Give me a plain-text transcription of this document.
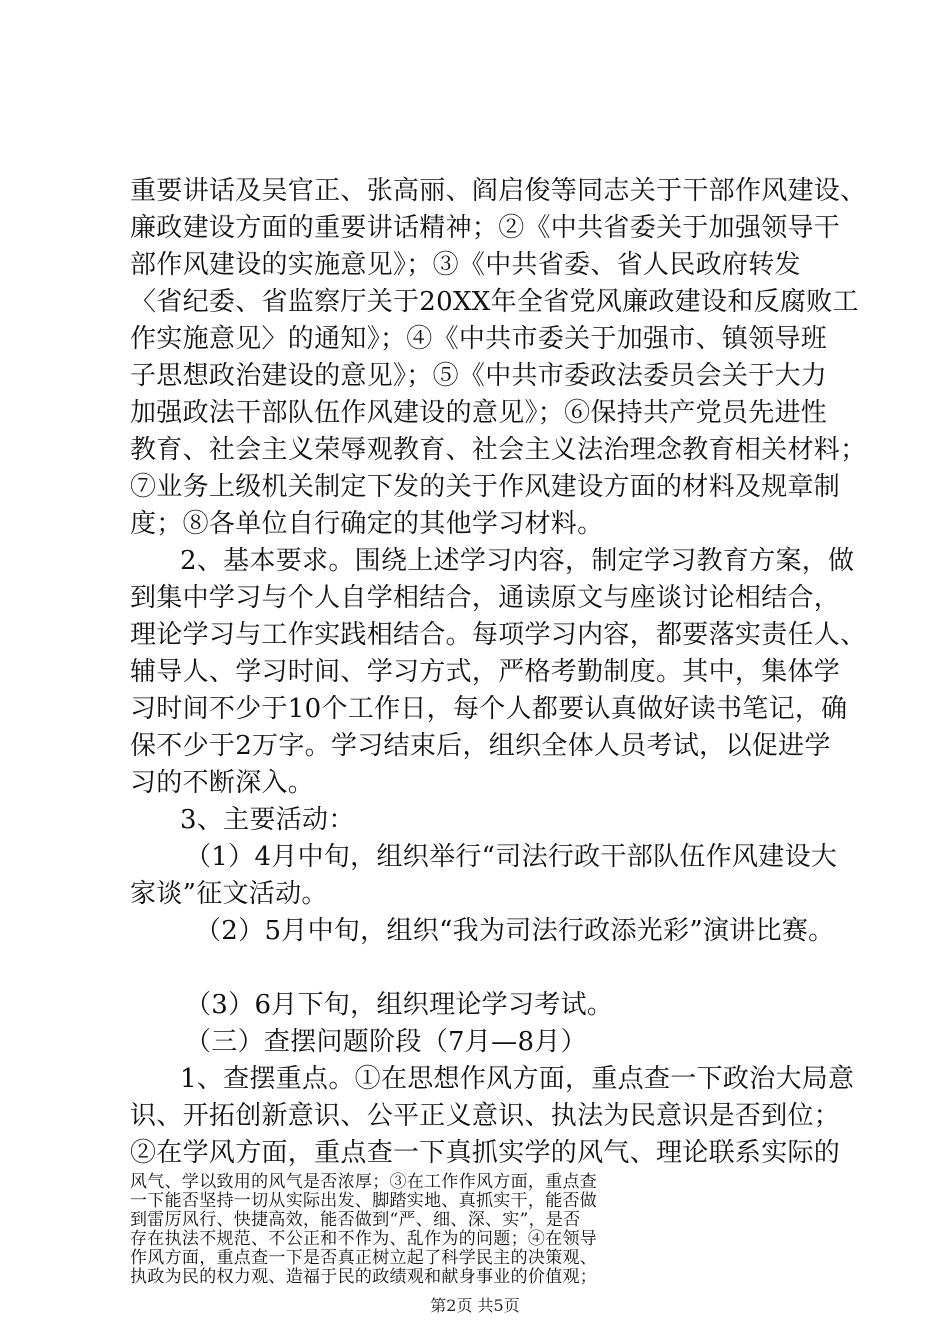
重要讲话及吴官正、张高丽、阎启俊等同志关于干部作风建设、
廉政建设方面的重要讲话精神；②《中共省委关于加强领导干
部作风建设的实施意见》；③《中共省委、省人民政府转发
〈省纪委、省监察厅关于20XX年全省党风廉政建设和反腐败工
作实施意见〉的通知》；④《中共市委关于加强市、镇领导班
子思想政治建设的意见》；⑤《中共市委政法委员会关于大力
加强政法干部队伍作风建设的意见》；⑥保持共产党员先进性
教育、社会主义荣辱观教育、社会主义法治理念教育相关材料；
⑦业务上级机关制定下发的关于作风建设方面的材料及规章制
度；⑧各单位自行确定的其他学习材料。
2、基本要求。围绕上述学习内容，制定学习教育方案，做
到集中学习与个人自学相结合，通读原文与座谈讨论相结合，
理论学习与工作实践相结合。每项学习内容，都要落实责任人、
辅导人、学习时间、学习方式，严格考勤制度。其中，集体学
习时间不少于10个工作日，每个人都要认真做好读书笔记，确
保不少于2万字。学习结束后，组织全体人员考试，以促进学
习的不断深入。
3、主要活动：
（1）4月中旬，组织举行“司法行政干部队伍作风建设大
家谈”征文活动。
（2）5月中旬，组织“我为司法行政添光彩”演讲比赛。
（3）6月下旬，组织理论学习考试。
（三）查摆问题阶段（7月—8月）
1、查摆重点。①在思想作风方面，重点查一下政治大局意
识、开拓创新意识、公平正义意识、执法为民意识是否到位；
②在学风方面，重点查一下真抓实学的风气、理论联系实际的
风气、学以致用的风气是否浓厚；③在工作作风方面，重点查
一下能否坚持一切从实际出发、脚踏实地、真抓实干，能否做
到雷厉风行、快捷高效，能否做到“严、细、深、实”，是否
存在执法不规范、不公正和不作为、乱作为的问题；④在领导
作风方面，重点查一下是否真正树立起了科学民主的决策观、
执政为民的权力观、造福于民的政绩观和献身事业的价值观；
第2页 共5页
